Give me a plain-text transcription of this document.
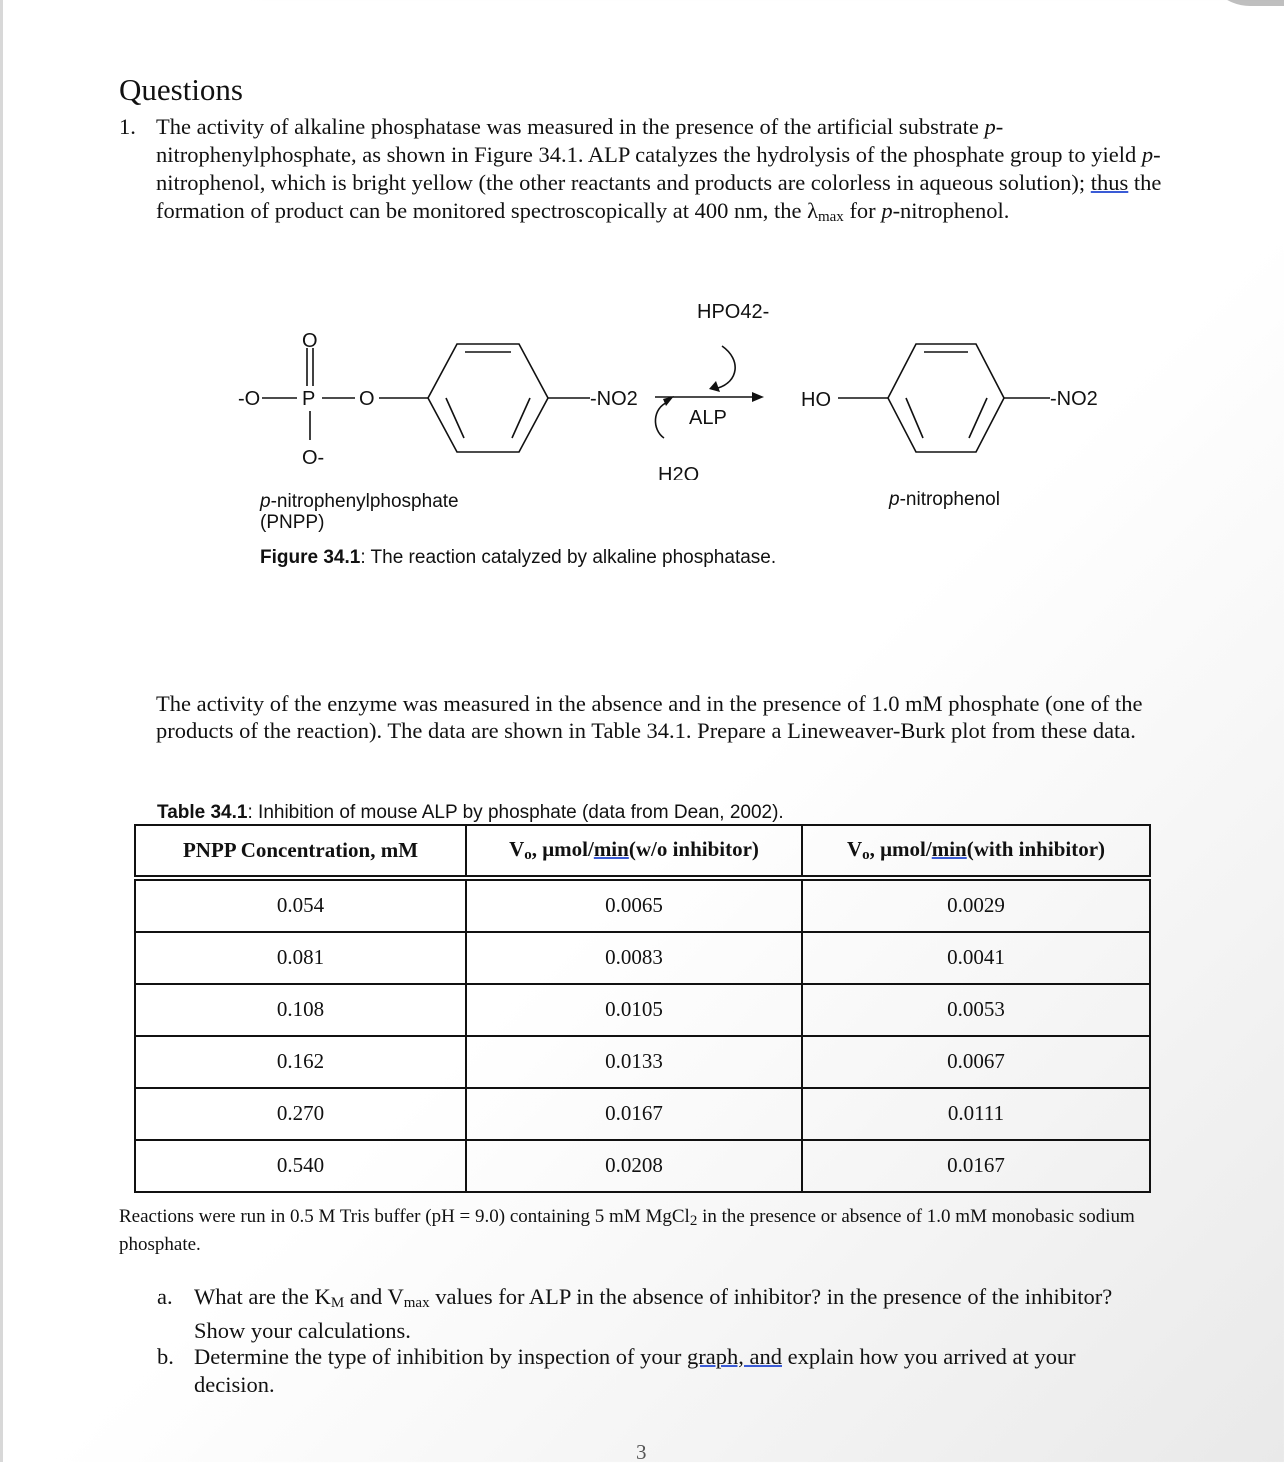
Questions
1. The activity of alkaline phosphatase was measured in the presence of the artificial substrate p-nitrophenylphosphate, as shown in Figure 34.1. ALP catalyzes the hydrolysis of the phosphate group to yield p-nitrophenol, which is bright yellow (the other reactants and products are colorless in aqueous solution); thus the formation of product can be monitored spectroscopically at 400 nm, the $\lambda_{max}$ for p-nitrophenol.
O
-O P O
O-
-NO2
HPO42-
ALP
H2O
HO	-NO2
p-nitrophenylphosphate
(PNPP)
p-nitrophenol
Figure 34.1: The reaction catalyzed by alkaline phosphatase.
The activity of the enzyme was measured in the absence and in the presence of 1.0 mM phosphate (one of the products of the reaction). The data are shown in Table 34.1. Prepare a Lineweaver-Burk plot from these data.
Table 34.1: Inhibition of mouse ALP by phosphate (data from Dean, 2002).
PNPP Concentration, mM	$V_o$, μmol/min(w/o inhibitor)	$V_o$, μmol/min(with inhibitor)
0.054	0.0065	0.0029
0.081	0.0083	0.0041
0.108	0.0105	0.0053
0.162	0.0133	0.0067
0.270	0.0167	0.0111
0.540	0.0208	0.0167
Reactions were run in 0.5 M Tris buffer (pH = 9.0) containing 5 mM MgCl$_2$ in the presence or absence of 1.0 mM monobasic sodium phosphate.
a. What are the $K_M$ and $V_{max}$ values for ALP in the absence of inhibitor? in the presence of the inhibitor? Show your calculations.
b. Determine the type of inhibition by inspection of your graph, and explain how you arrived at your decision.
3
